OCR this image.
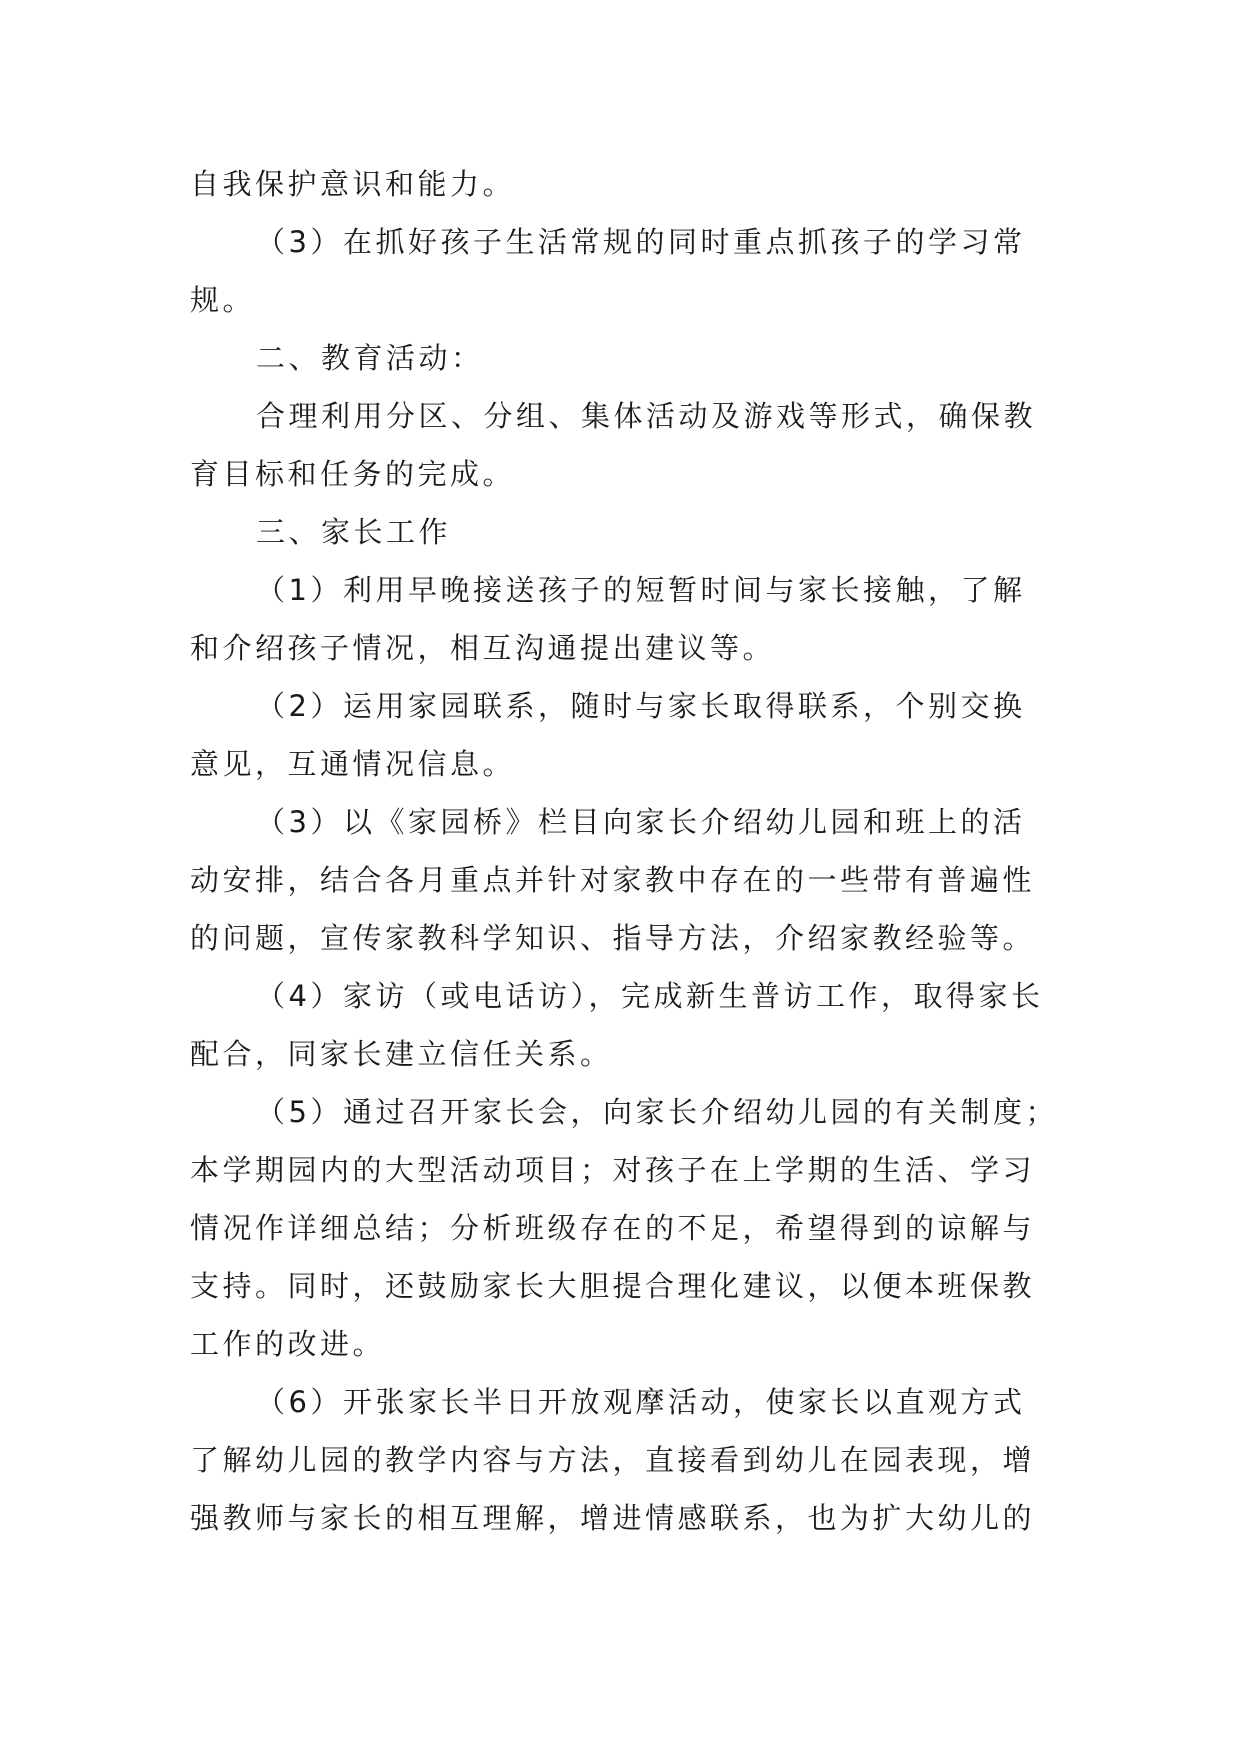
自我保护意识和能力。
（3）在抓好孩子生活常规的同时重点抓孩子的学习常
规。
二、教育活动：
合理利用分区、分组、集体活动及游戏等形式，确保教
育目标和任务的完成。
三、家长工作
（1）利用早晚接送孩子的短暂时间与家长接触，了解
和介绍孩子情况，相互沟通提出建议等。
（2）运用家园联系，随时与家长取得联系，个别交换
意见，互通情况信息。
（3）以《家园桥》栏目向家长介绍幼儿园和班上的活
动安排，结合各月重点并针对家教中存在的一些带有普遍性
的问题，宣传家教科学知识、指导方法，介绍家教经验等。
（4）家访（或电话访），完成新生普访工作，取得家长
配合，同家长建立信任关系。
（5）通过召开家长会，向家长介绍幼儿园的有关制度；
本学期园内的大型活动项目；对孩子在上学期的生活、学习
情况作详细总结；分析班级存在的不足，希望得到的谅解与
支持。同时，还鼓励家长大胆提合理化建议，以便本班保教
工作的改进。
（6）开张家长半日开放观摩活动，使家长以直观方式
了解幼儿园的教学内容与方法，直接看到幼儿在园表现，增
强教师与家长的相互理解，增进情感联系，也为扩大幼儿的
